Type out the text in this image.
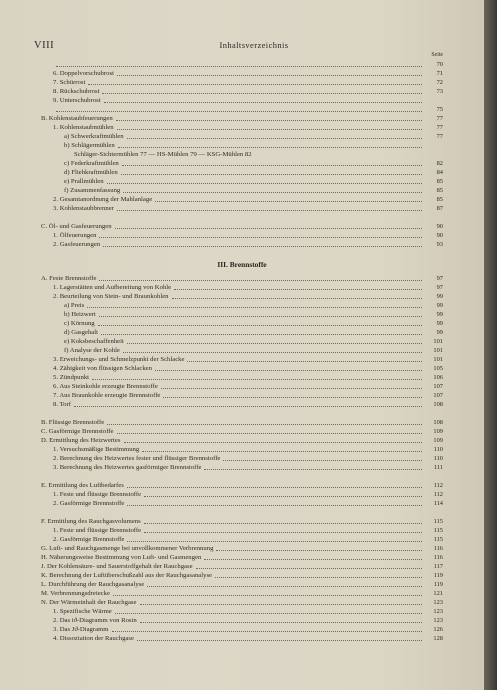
VIII	Inhaltsverzeichnis
Seite
70
6. Doppelvorschubrost	71
7. Schürrost	72
8. Rückschubrost	73
9. Unterschubrost
75
B. Kohlenstaubfeuerungen	77
1. Kohlenstaubmühlen	77
a) Schwerkraftmühlen	77
b) Schlägermühlen
Schläger-Sichtermühlen 77 — HS-Mühlen 79 — KSG-Mühlen 82
c) Federkraftmühlen	82
d) Fliehkraftmühlen	84
e) Prallmühlen	85
f) Zusammenfassung	85
2. Gesamtanordnung der Mahlanlage	85
3. Kohlenstaubbrenner	87
C. Öl- und Gasfeuerungen	90
1. Ölfeuerungen	90
2. Gasfeuerungen	93
III. Brennstoffe
A. Feste Brennstoffe	97
1. Lagerstätten und Aufbereitung von Kohle	97
2. Beurteilung von Stein- und Braunkohlen	99
a) Preis	99
b) Heizwert	99
c) Körnung	99
d) Gasgehalt	99
e) Koksbeschaffenheit	101
f) Analyse der Kohle	101
3. Erweichungs- und Schmelzpunkt der Schlacke	101
4. Zähigkeit von flüssigen Schlacken	105
5. Zündpunkt	106
6. Aus Steinkohle erzeugte Brennstoffe	107
7. Aus Braunkohle erzeugte Brennstoffe	107
8. Torf	108
B. Flüssige Brennstoffe	108
C. Gasförmige Brennstoffe	109
D. Ermittlung des Heizwertes	109
1. Versuchsmäßige Bestimmung	110
2. Berechnung des Heizwertes fester und flüssiger Brennstoffe	110
3. Berechnung des Heizwertes gasförmiger Brennstoffe	111
E. Ermittlung des Luftbedarfes	112
1. Feste und flüssige Brennstoffe	112
2. Gasförmige Brennstoffe	114
F. Ermittlung des Rauchgasvolumens	115
1. Feste und flüssige Brennstoffe	115
2. Gasförmige Brennstoffe	115
G. Luft- und Rauchgasmenge bei unvollkommener Verbrennung	116
H. Näherungsweise Bestimmung von Luft- und Gasmengen	116
J. Der Kohlensäure- und Sauerstoffgehalt der Rauchgase	117
K. Berechnung der Luftüberschußzahl aus der Rauchgasanalyse	119
L. Durchführung der Rauchgasanalyse	119
M. Verbrennungsdreiecke	121
N. Der Wärmeinhalt der Rauchgase	123
1. Spezifische Wärme	123
2. Das iϑ-Diagramm von Rosin	123
3. Das Jϑ-Diagramm	126
4. Dissoziation der Rauchgase	128
